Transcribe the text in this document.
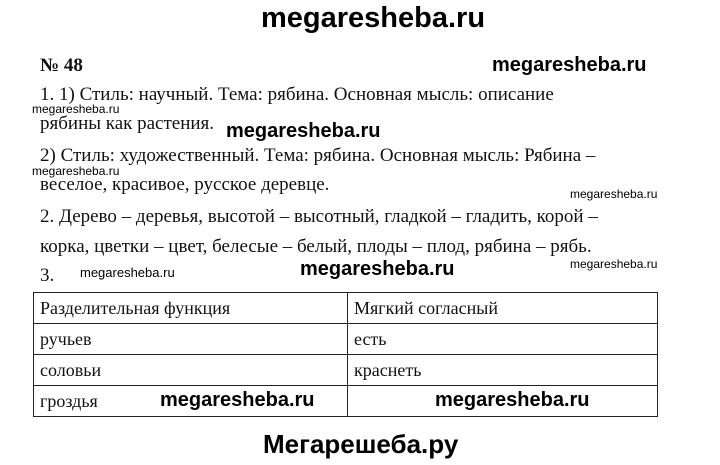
megaresheba.ru
№ 48
1. 1) Стиль: научный. Тема: рябина. Основная мысль: описание
рябины как растения.
2) Стиль: художественный. Тема: рябина. Основная мысль: Рябина –
веселое, красивое, русское деревце.
2. Дерево – деревья, высотой – высотный, гладкой – гладить, корой –
корка, цветки – цвет, белесые – белый, плоды – плод, рябина – рябь.
3.
Разделительная функция	Мягкий согласный
ручьев	есть
соловьи	краснеть
гроздья	
megaresheba.ru
megaresheba.ru
megaresheba.ru
megaresheba.ru
megaresheba.ru
megaresheba.ru
megaresheba.ru	megaresheba.ru
megaresheba.ru	megaresheba.ru
Мегарешеба.ру
